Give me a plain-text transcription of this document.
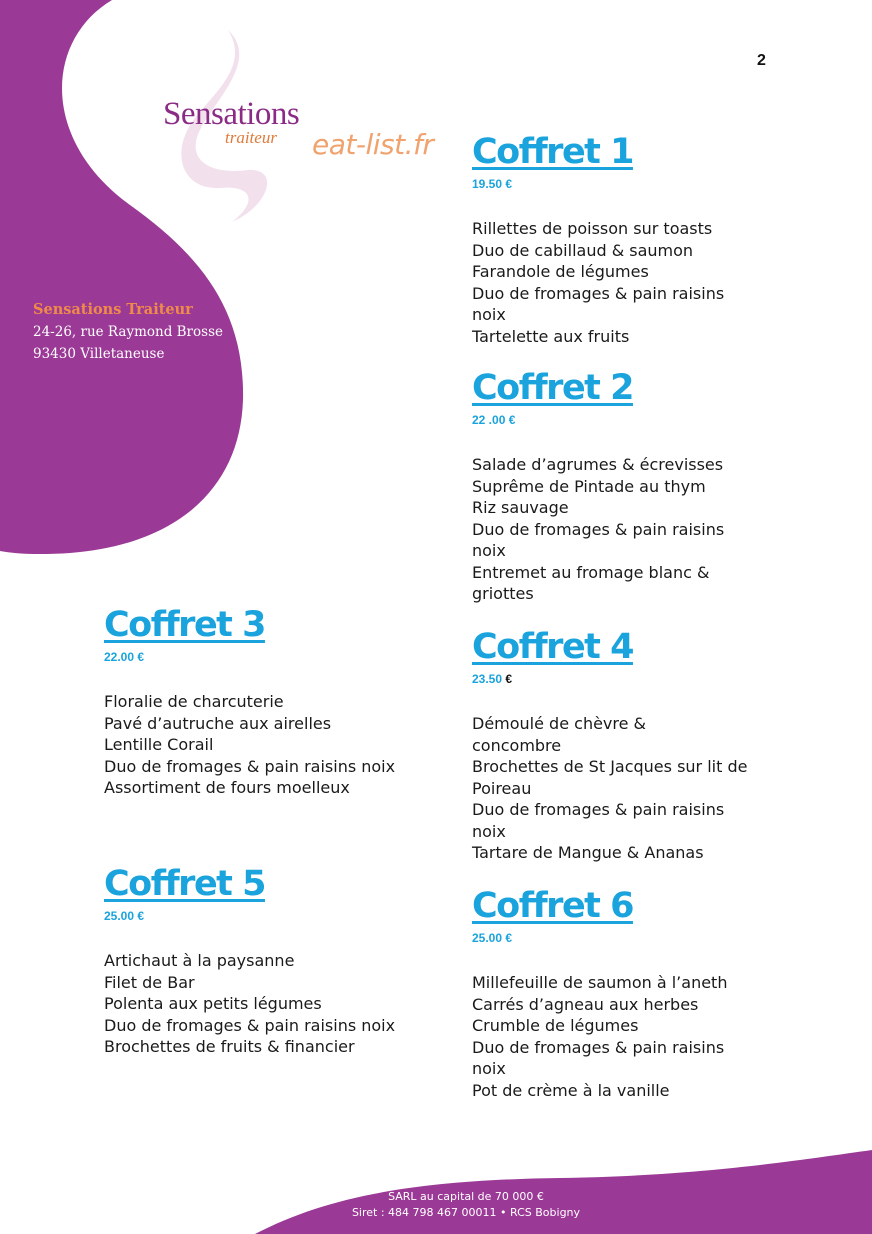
2
Sensations
traiteur eat-list.fr
Sensations Traiteur
24-26, rue Raymond Brosse
93430 Villetaneuse
Coffret 1
19.50 €
Rillettes de poisson sur toasts
Duo de cabillaud & saumon
Farandole de légumes
Duo de fromages & pain raisins noix
Tartelette aux fruits
Coffret 2
22 .00 €
Salade d’agrumes & écrevisses
Suprême de Pintade au thym
Riz sauvage
Duo de fromages & pain raisins noix
Entremet au fromage blanc & griottes
Coffret 3
22.00 €
Floralie de charcuterie
Pavé d’autruche aux airelles
Lentille Corail
Duo de fromages & pain raisins noix
Assortiment de fours moelleux
Coffret 4
23.50 €
Démoulé de chèvre & concombre
Brochettes de St Jacques sur lit de Poireau
Duo de fromages & pain raisins noix
Tartare de Mangue & Ananas
Coffret 5
25.00 €
Artichaut à la paysanne
Filet de Bar
Polenta aux petits légumes
Duo de fromages & pain raisins noix
Brochettes de fruits & financier
Coffret 6
25.00 €
Millefeuille de saumon à l’aneth
Carrés d’agneau aux herbes
Crumble de légumes
Duo de fromages & pain raisins noix
Pot de crème à la vanille
SARL au capital de 70 000 €
Siret : 484 798 467 00011 • RCS Bobigny
